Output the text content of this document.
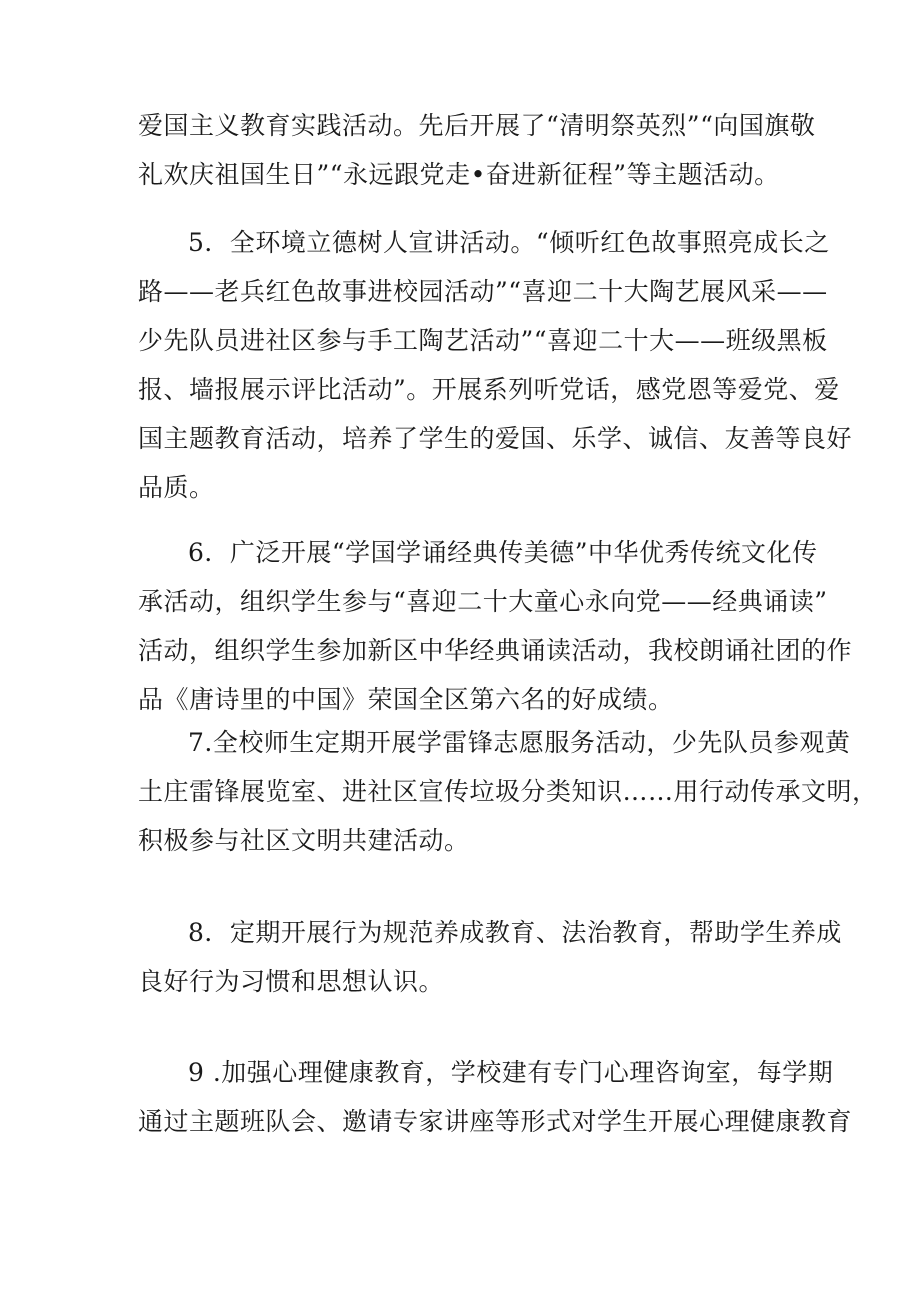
爱国主义教育实践活动。先后开展了“清明祭英烈”“向国旗敬
礼欢庆祖国生日”“永远跟党走•奋进新征程”等主题活动。

5．全环境立德树人宣讲活动。“倾听红色故事照亮成长之
路——老兵红色故事进校园活动”“喜迎二十大陶艺展风采——
少先队员进社区参与手工陶艺活动”“喜迎二十大——班级黑板
报、墙报展示评比活动”。开展系列听党话，感党恩等爱党、爱
国主题教育活动，培养了学生的爱国、乐学、诚信、友善等良好
品质。

6．广泛开展“学国学诵经典传美德”中华优秀传统文化传
承活动，组织学生参与“喜迎二十大童心永向党——经典诵读”
活动，组织学生参加新区中华经典诵读活动，我校朗诵社团的作
品《唐诗里的中国》荣国全区第六名的好成绩。

7.全校师生定期开展学雷锋志愿服务活动，少先队员参观黄
土庄雷锋展览室、进社区宣传垃圾分类知识……用行动传承文明，
积极参与社区文明共建活动。

8．定期开展行为规范养成教育、法治教育，帮助学生养成
良好行为习惯和思想认识。

9 .加强心理健康教育，学校建有专门心理咨询室，每学期
通过主题班队会、邀请专家讲座等形式对学生开展心理健康教育
